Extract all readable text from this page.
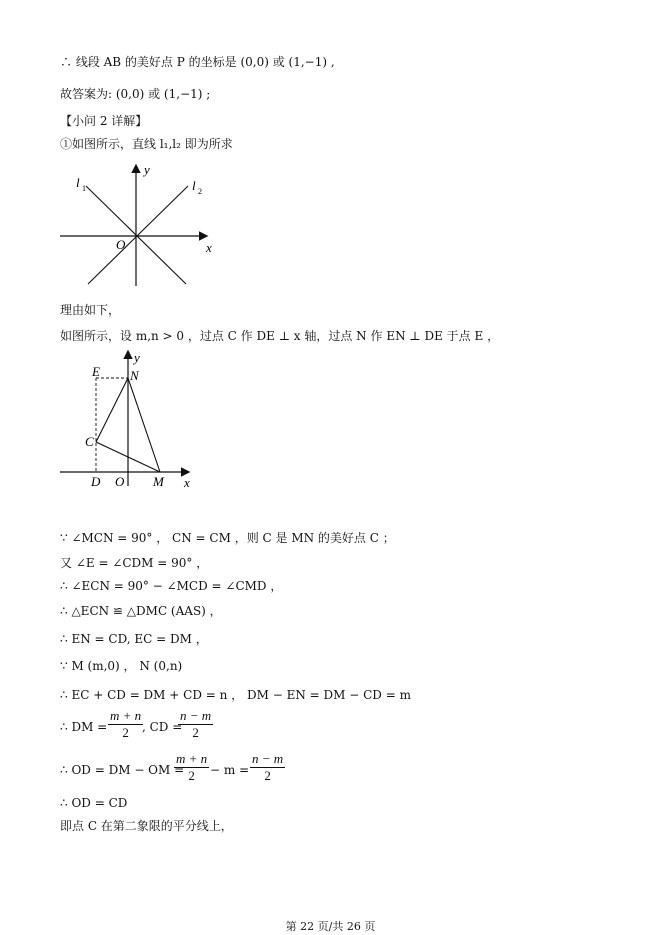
∴ 线段 AB 的美好点 P 的坐标是 (0,0) 或 (1,−1) ,
故答案为: (0,0) 或 (1,−1) ;
【小问 2 详解】
①如图所示，直线 l₁,l₂ 即为所求
y
x
O
l 1	l 2
理由如下，
如图所示，设 m,n > 0 ，过点 C 作 DE ⊥ x 轴，过点 N 作 EN ⊥ DE 于点 E ，
y
x
E N
C
D O M
∵ ∠MCN = 90° ， CN = CM ，则 C 是 MN 的美好点 C ；
又 ∠E = ∠CDM = 90° ，
∴ ∠ECN = 90° − ∠MCD = ∠CMD ，
∴ △ECN ≌ △DMC (AAS) ，
∴ EN = CD, EC = DM ，
∵ M (m,0) ， N (0,n)
∴ EC + CD = DM + CD = n ， DM − EN = DM − CD = m
∴ DM = $\frac{m + n}{2}$
, CD =
$\frac{n - m}{2}$
∴ OD = DM − OM =
$\frac{m + n}{2} - m = \frac{n - m}{2}$
∴ OD = CD
即点 C 在第二象限的平分线上，
第 22 页/共 26 页
